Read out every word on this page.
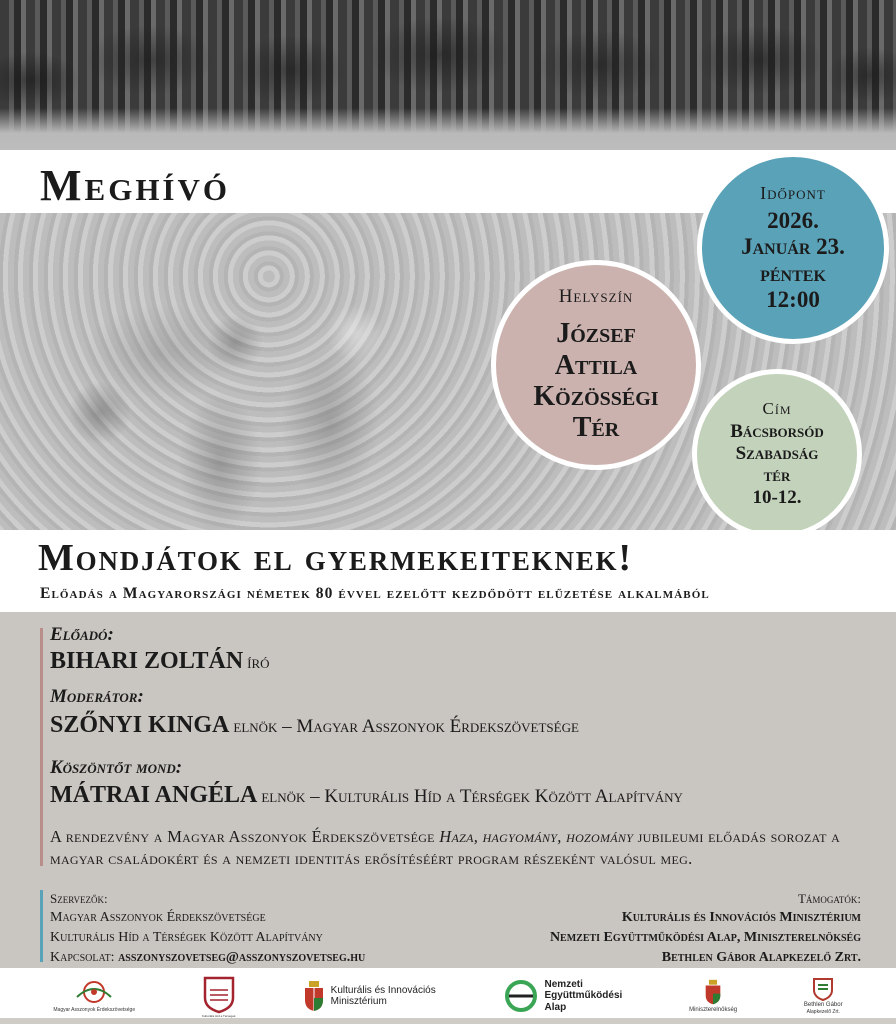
Meghívó	Időpont
2026.
Január 23.
péntek
12:00
Helyszín
József
Attila
Közösségi
Tér
Cím
Bácsborsód
Szabadság
tér
10-12.
Mondjátok el gyermekeiteknek!
Előadás a Magyarországi németek 80 évvel ezelőtt kezdődött elűzetése alkalmából
Előadó:
BIHARI ZOLTÁN író
Moderátor:
SZŐNYI KINGA elnök – Magyar Asszonyok Érdekszövetsége
Köszöntőt mond:
MÁTRAI ANGÉLA elnök – Kulturális Híd a Térségek Között Alapítvány
A rendezvény a Magyar Asszonyok Érdekszövetsége Haza, hagyomány, hozomány jubileumi előadás sorozat a magyar családokért és a nemzeti identitás erősítéséért program részeként valósul meg.
Szervezők:
Magyar Asszonyok Érdekszövetsége
Kulturális Híd a Térségek Között Alapítvány
Kapcsolat: asszonyszovetseg@asszonyszovetseg.hu
Támogatók:
Kulturális és Innovációs Minisztérium
Nemzeti Együttműködési Alap, Miniszterelnökség
Bethlen Gábor Alapkezelő Zrt.
Magyar Asszonyok Érdekszövetsége
Kulturális Híd a Térségek
Kulturális és Innovációs
Minisztérium
Nemzeti
Együttműködési
Alap	Miniszterelnökség
Bethlen Gábor
Alapkezelő Zrt.
